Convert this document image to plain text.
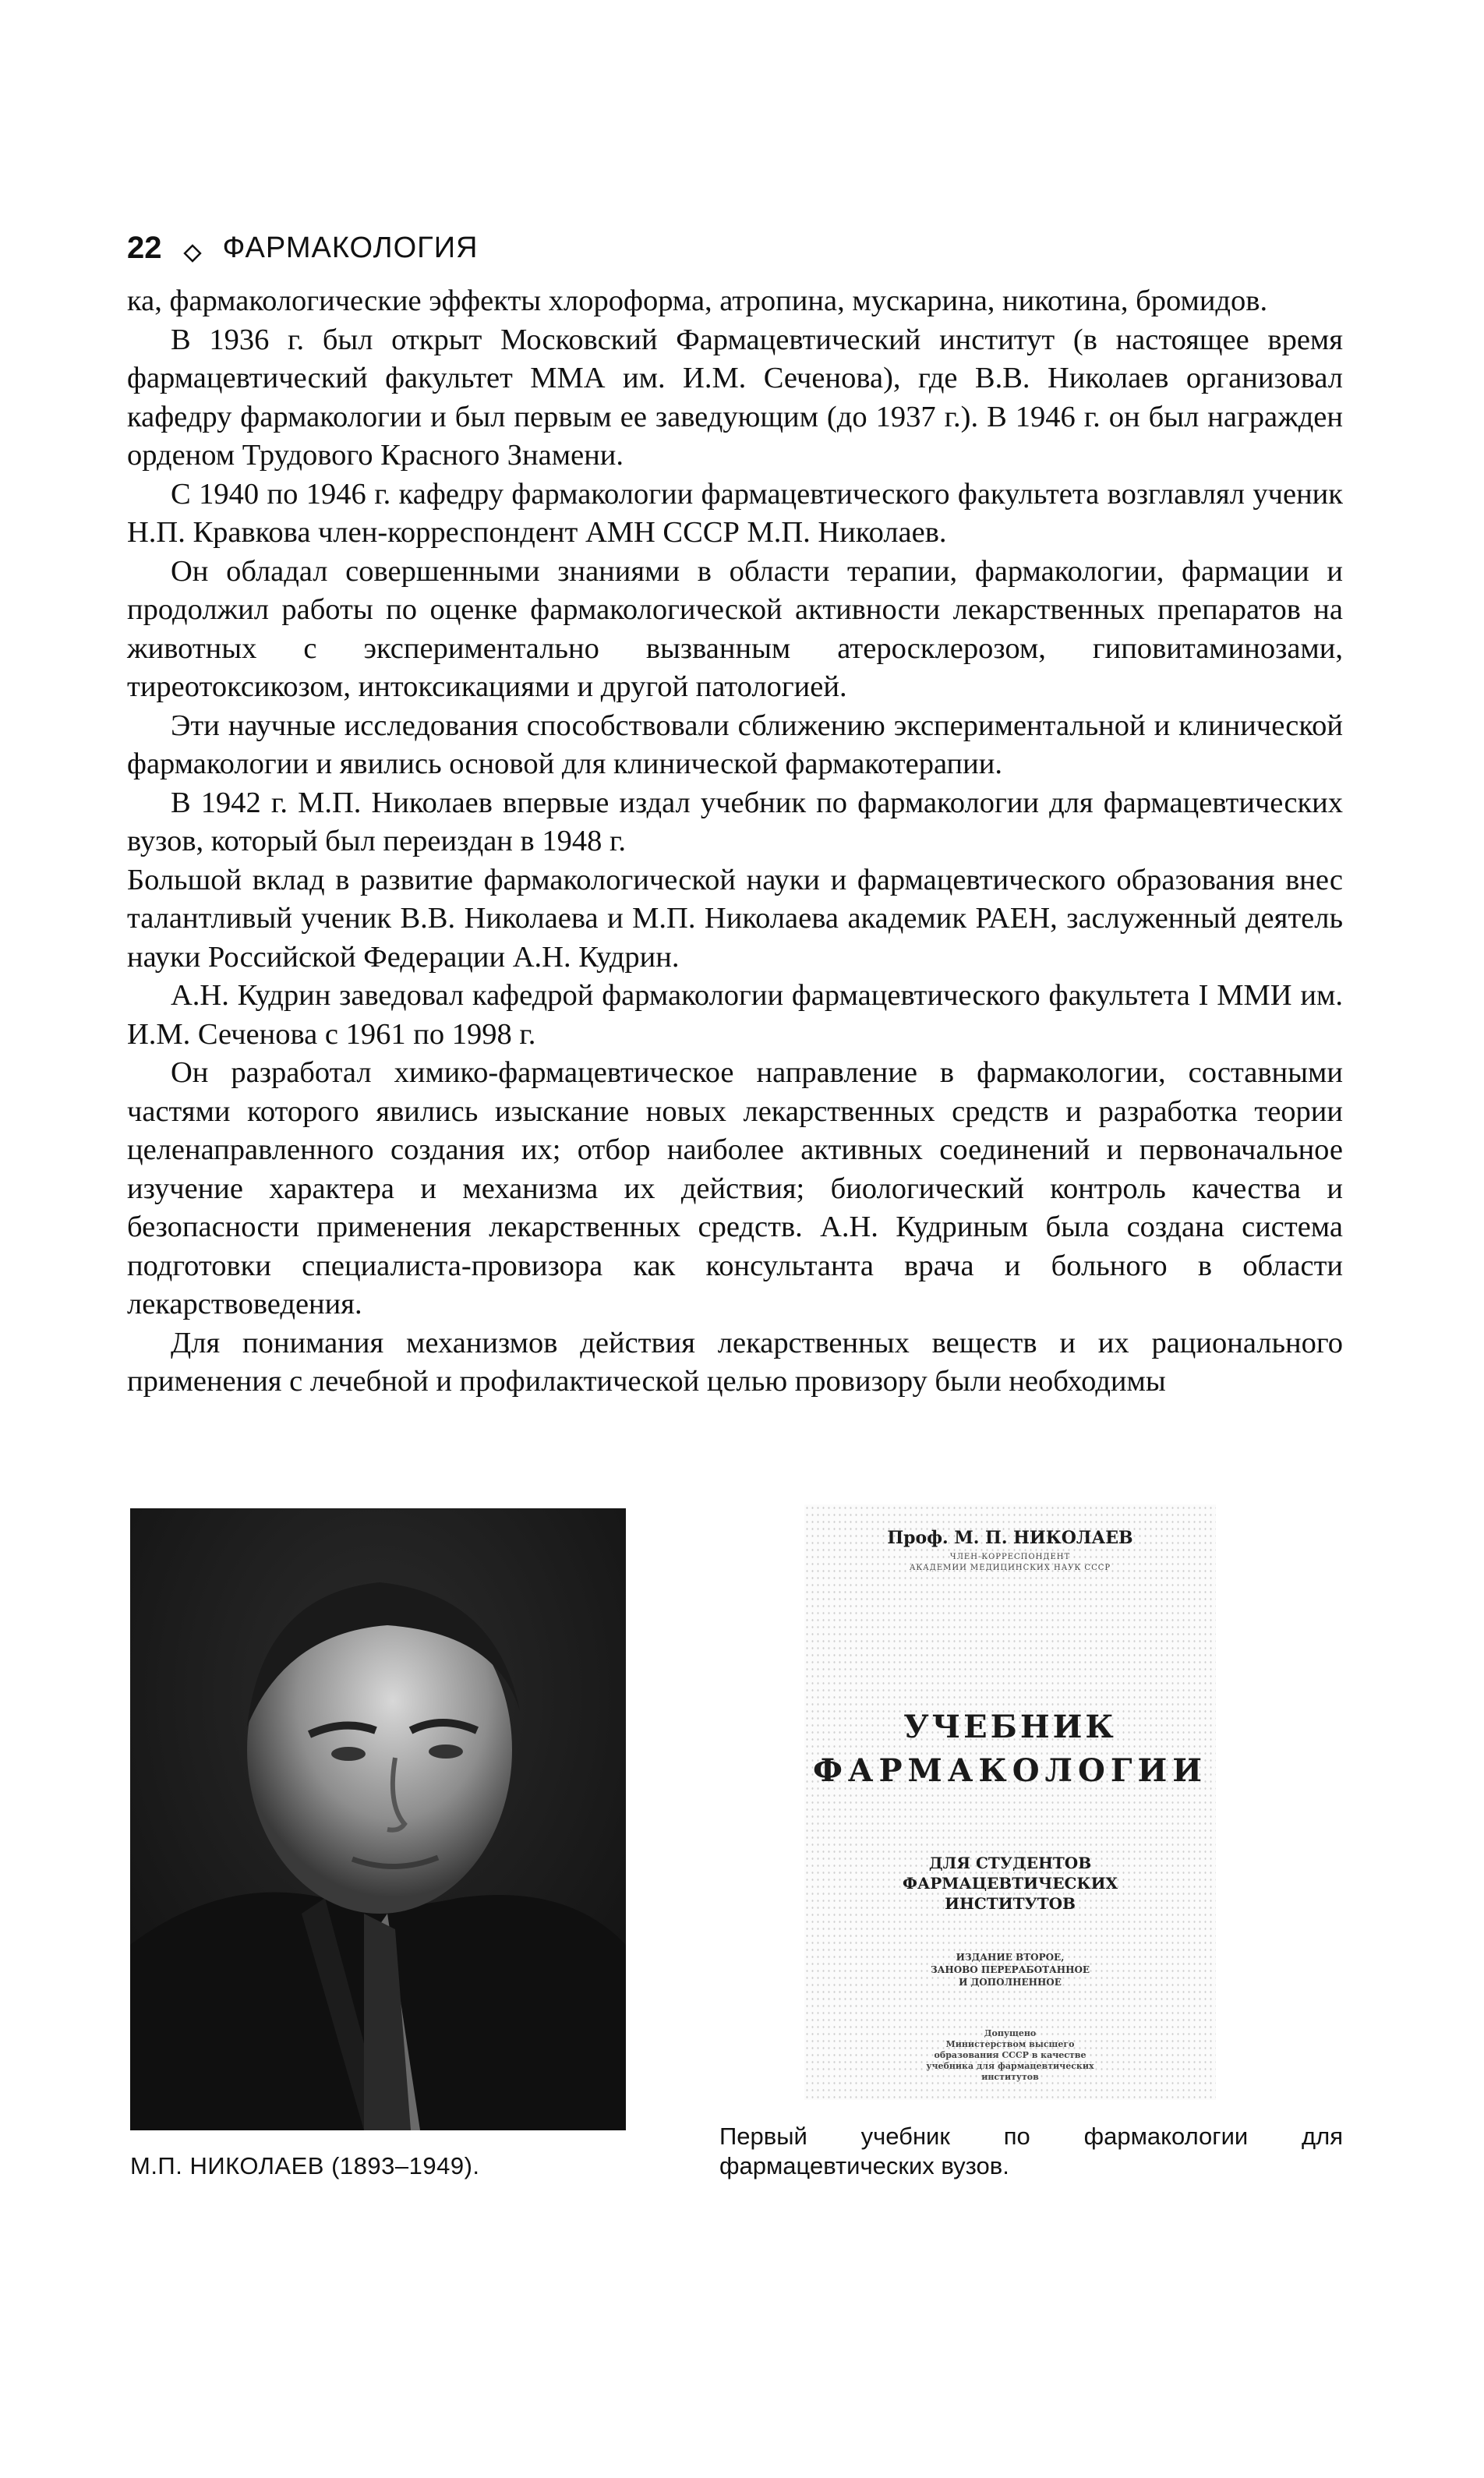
22 ФАРМАКОЛОГИЯ

ка, фармакологические эффекты хлороформа, атропина, мускарина, никотина, бромидов.

В 1936 г. был открыт Московский Фармацевтический институт (в настоящее время фармацевтический факультет ММА им. И.М. Сеченова), где В.В. Николаев организовал кафедру фармакологии и был первым ее заведующим (до 1937 г.). В 1946 г. он был награжден орденом Трудового Красного Знамени.

С 1940 по 1946 г. кафедру фармакологии фармацевтического факультета возглавлял ученик Н.П. Кравкова член-корреспондент АМН СССР М.П. Николаев.

Он обладал совершенными знаниями в области терапии, фармакологии, фармации и продолжил работы по оценке фармакологической активности лекарственных препаратов на животных с экспериментально вызванным атеросклерозом, гиповитаминозами, тиреотоксикозом, интоксикациями и другой патологией.

Эти научные исследования способствовали сближению экспериментальной и клинической фармакологии и явились основой для клинической фармакотерапии.

В 1942 г. М.П. Николаев впервые издал учебник по фармакологии для фармацевтических вузов, который был переиздан в 1948 г.

Большой вклад в развитие фармакологической науки и фармацевтического образования внес талантливый ученик В.В. Николаева и М.П. Николаева академик РАЕН, заслуженный деятель науки Российской Федерации А.Н. Кудрин.

А.Н. Кудрин заведовал кафедрой фармакологии фармацевтического факультета I ММИ им. И.М. Сеченова с 1961 по 1998 г.

Он разработал химико-фармацевтическое направление в фармакологии, составными частями которого явились изыскание новых лекарственных средств и разработка теории целенаправленного создания их; отбор наиболее активных соединений и первоначальное изучение характера и механизма их действия; биологический контроль качества и безопасности применения лекарственных средств. А.Н. Кудриным была создана система подготовки специалиста-провизора как консультанта врача и больного в области лекарствоведения.

Для понимания механизмов действия лекарственных веществ и их рационального применения с лечебной и профилактической целью провизору были необходимы

Проф. М. П. НИКОЛАЕВ
ЧЛЕН-КОРРЕСПОНДЕНТ
АКАДЕМИИ МЕДИЦИНСКИХ НАУК СССР
УЧЕБНИК
ФАРМАКОЛОГИИ
ДЛЯ СТУДЕНТОВ
ФАРМАЦЕВТИЧЕСКИХ
ИНСТИТУТОВ
ИЗДАНИЕ ВТОРОЕ,
ЗАНОВО ПЕРЕРАБОТАННОЕ
И ДОПОЛНЕННОЕ
Допущено
Министерством высшего
образования СССР в качестве
учебника для фармацевтических
институтов
М.П. НИКОЛАЕВ (1893–1949).
Первый учебник по фармакологии для фармацевтических вузов.
